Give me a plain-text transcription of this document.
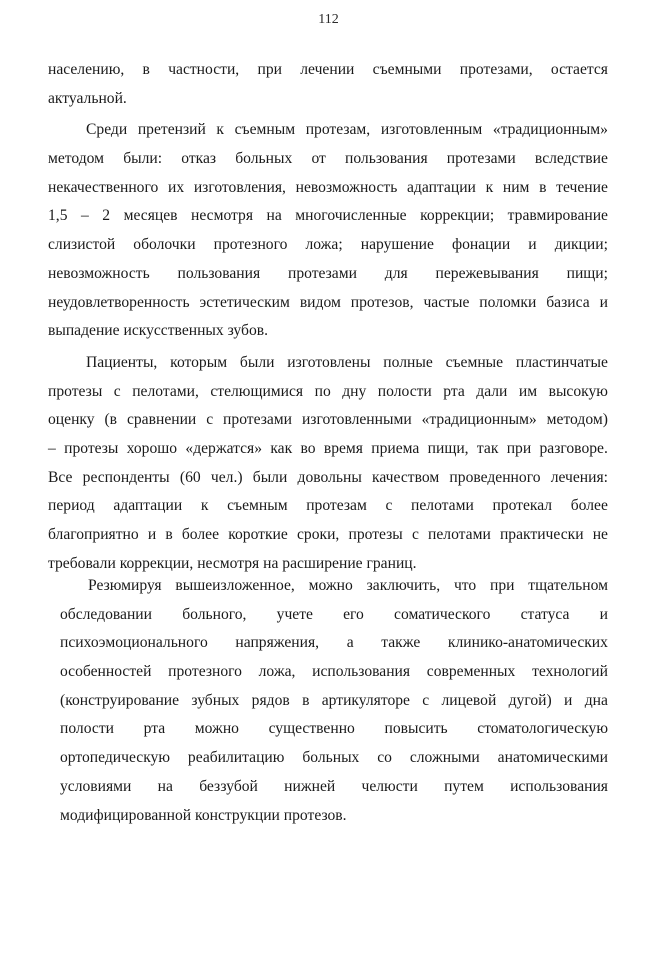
112
населению, в частности, при лечении съемными протезами, остается
актуальной.
Среди претензий к съемным протезам, изготовленным «традиционным»
методом были: отказ больных от пользования протезами вследствие
некачественного их изготовления, невозможность адаптации к ним в течение
1,5 – 2 месяцев несмотря на многочисленные коррекции; травмирование
слизистой оболочки протезного ложа; нарушение фонации и дикции;
невозможность пользования протезами для пережевывания пищи;
неудовлетворенность эстетическим видом протезов, частые поломки базиса и
выпадение искусственных зубов.
Пациенты, которым были изготовлены полные съемные пластинчатые
протезы с пелотами, стелющимися по дну полости рта дали им высокую
оценку (в сравнении с протезами изготовленными «традиционным» методом)
– протезы хорошо «держатся» как во время приема пищи, так при разговоре.
Все респонденты (60 чел.) были довольны качеством проведенного лечения:
период адаптации к съемным протезам с пелотами протекал более
благоприятно и в более короткие сроки, протезы с пелотами практически не
требовали коррекции, несмотря на расширение границ.
Резюмируя вышеизложенное, можно заключить, что при тщательном
обследовании больного, учете его соматического статуса и
психоэмоционального напряжения, а также клинико-анатомических
особенностей протезного ложа, использования современных технологий
(конструирование зубных рядов в артикуляторе с лицевой дугой) и дна
полости рта можно существенно повысить стоматологическую
ортопедическую реабилитацию больных со сложными анатомическими
условиями на беззубой нижней челюсти путем использования
модифицированной конструкции протезов.
